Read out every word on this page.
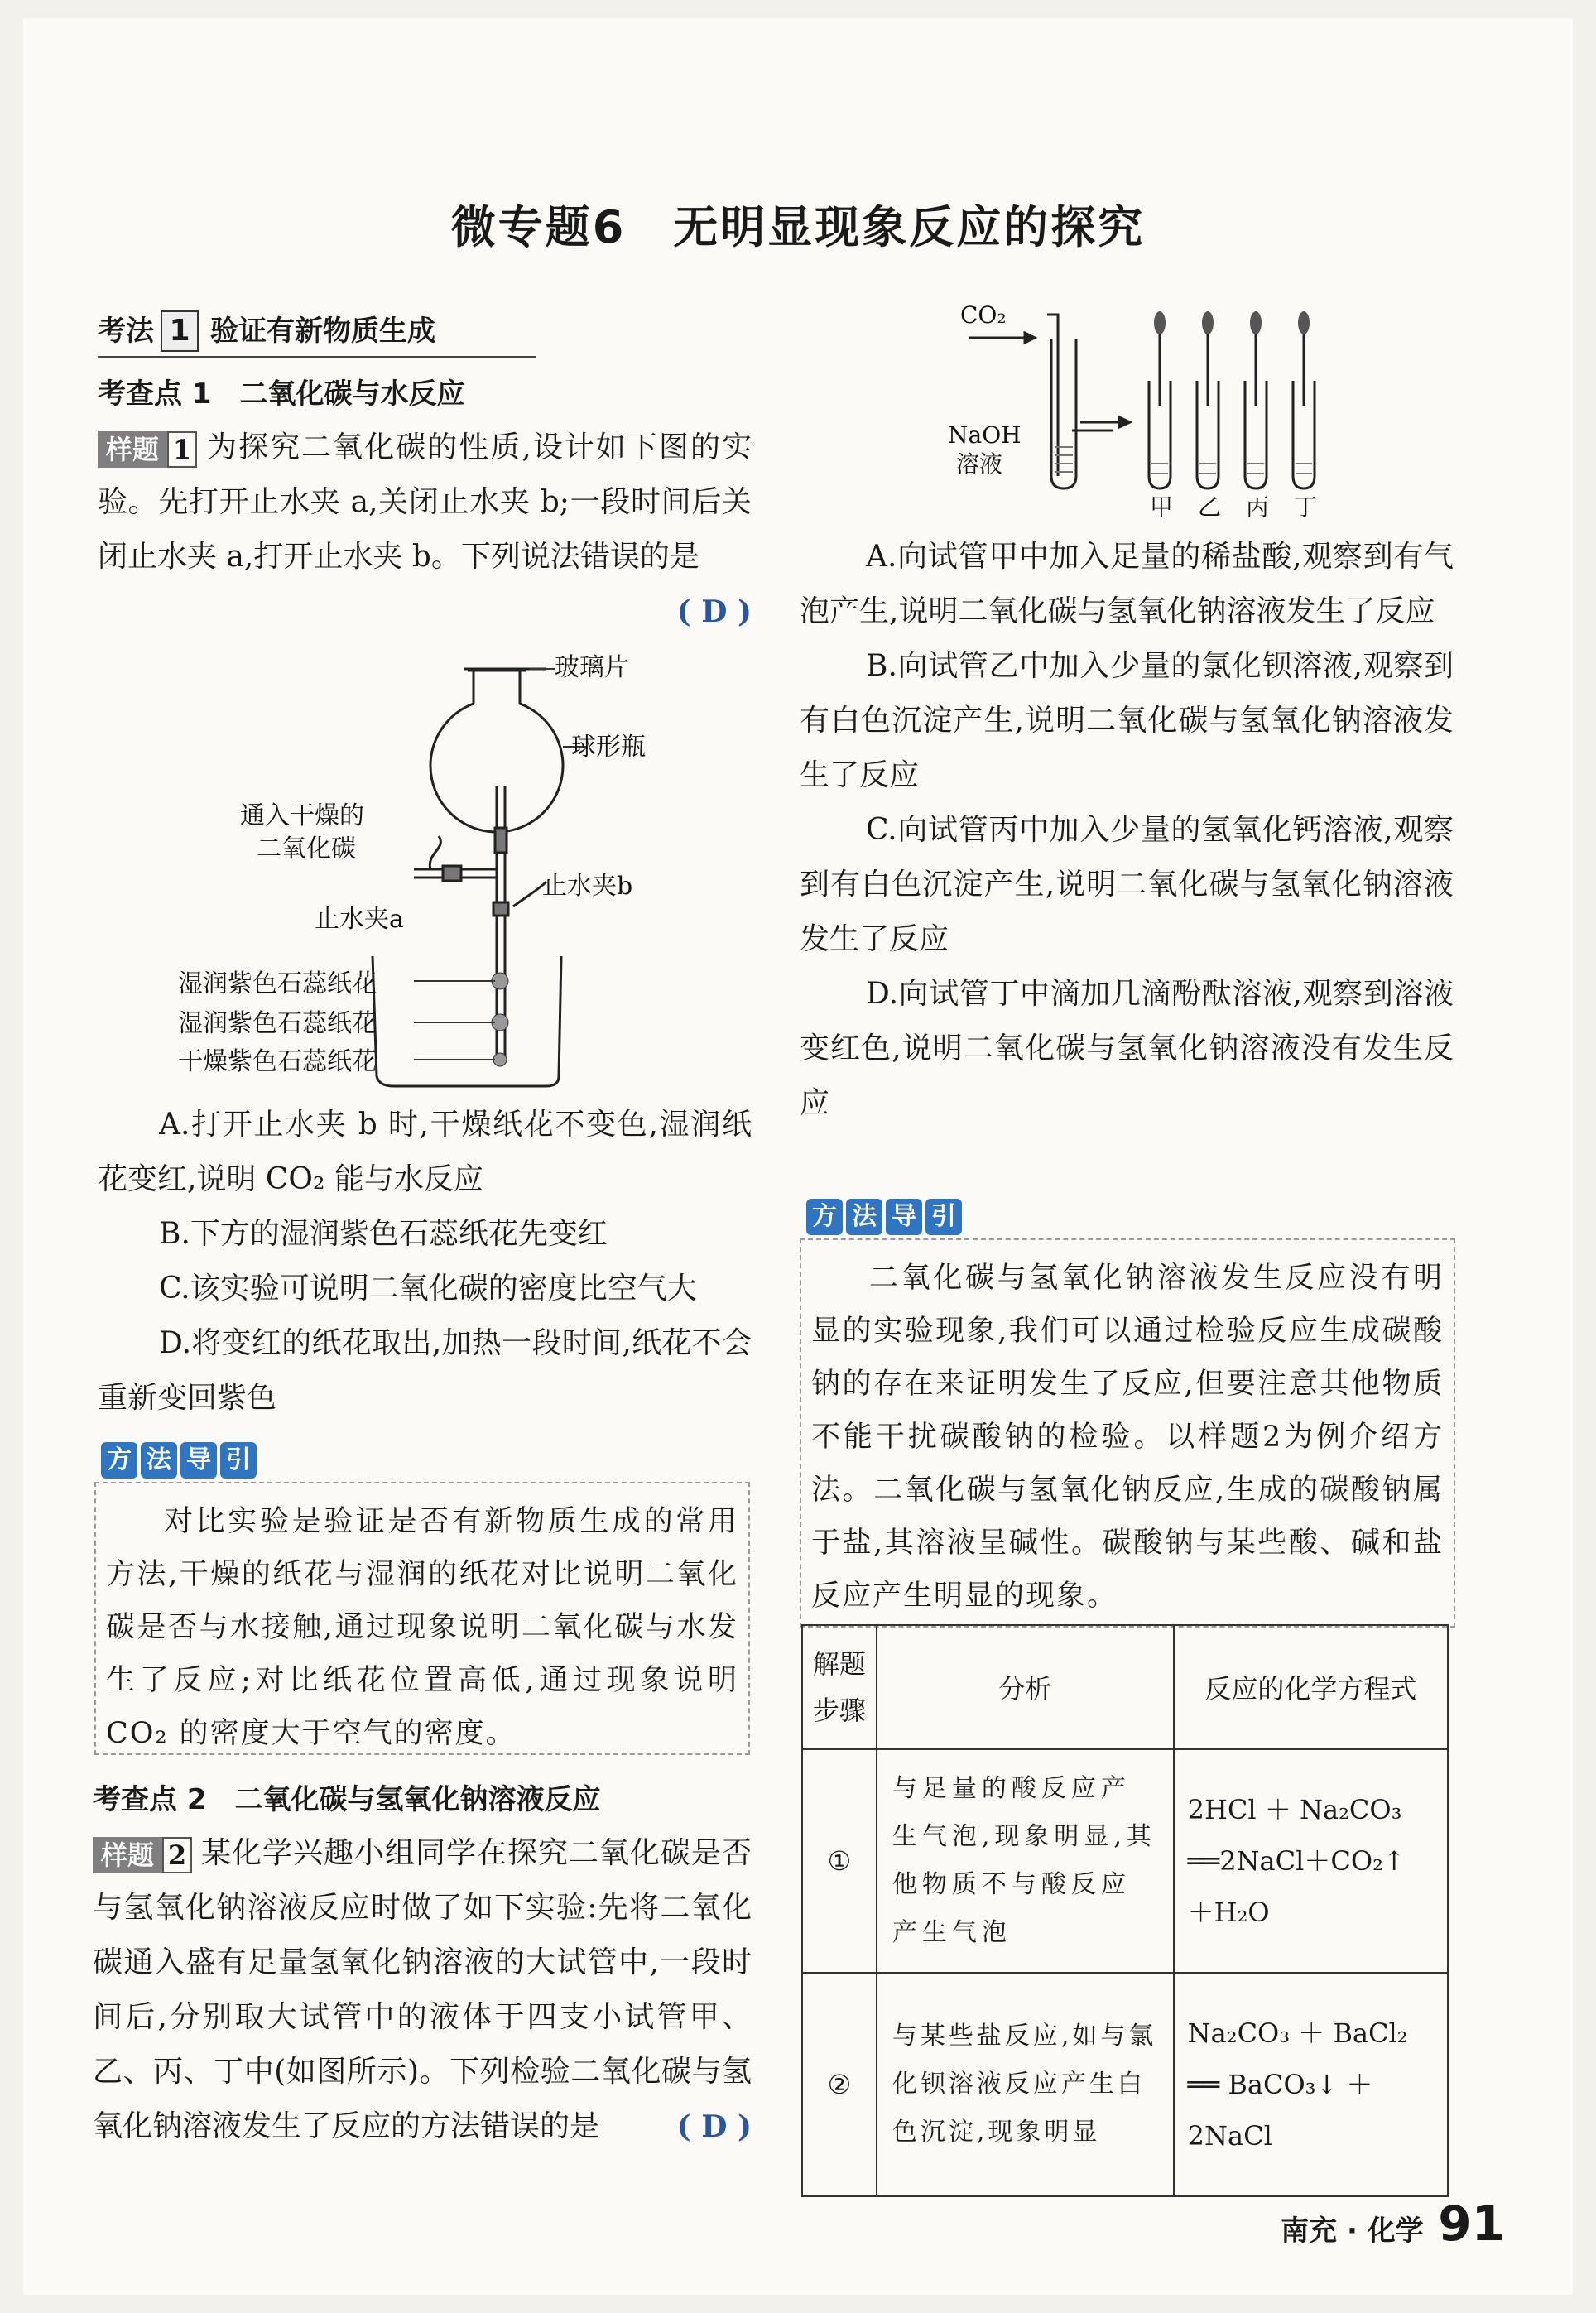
微专题6　无明显现象反应的探究
考法 1 验证有新物质生成
考查点 1　二氧化碳与水反应

样题 1 为探究二氧化碳的性质,设计如下图的实验。先打开止水夹 a,关闭止水夹 b;一段时间后关闭止水夹 a,打开止水夹 b。下列说法错误的是
( D )

玻璃片
球形瓶
通入干燥的
二氧化碳
止水夹b
止水夹a
湿润紫色石蕊纸花
湿润紫色石蕊纸花
干燥紫色石蕊纸花

A.打开止水夹 b 时,干燥纸花不变色,湿润纸花变红,说明 CO₂ 能与水反应

B.下方的湿润紫色石蕊纸花先变红

C.该实验可说明二氧化碳的密度比空气大

D.将变红的纸花取出,加热一段时间,纸花不会重新变回紫色

方 法 导 引

对比实验是验证是否有新物质生成的常用方法,干燥的纸花与湿润的纸花对比说明二氧化碳是否与水接触,通过现象说明二氧化碳与水发生了反应;对比纸花位置高低,通过现象说明 CO₂ 的密度大于空气的密度。

考查点 2　二氧化碳与氢氧化钠溶液反应

样题 2 某化学兴趣小组同学在探究二氧化碳是否与氢氧化钠溶液反应时做了如下实验:先将二氧化碳通入盛有足量氢氧化钠溶液的大试管中,一段时间后,分别取大试管中的液体于四支小试管甲、乙、丙、丁中(如图所示)。下列检验二氧化碳与氢氧化钠溶液发生了反应的方法错误的是	( D )

CO₂
NaOH
溶液
甲 乙 丙 丁

A.向试管甲中加入足量的稀盐酸,观察到有气泡产生,说明二氧化碳与氢氧化钠溶液发生了反应

B.向试管乙中加入少量的氯化钡溶液,观察到有白色沉淀产生,说明二氧化碳与氢氧化钠溶液发生了反应

C.向试管丙中加入少量的氢氧化钙溶液,观察到有白色沉淀产生,说明二氧化碳与氢氧化钠溶液发生了反应

D.向试管丁中滴加几滴酚酞溶液,观察到溶液变红色,说明二氧化碳与氢氧化钠溶液没有发生反应

方 法 导 引

二氧化碳与氢氧化钠溶液发生反应没有明显的实验现象,我们可以通过检验反应生成碳酸钠的存在来证明发生了反应,但要注意其他物质不能干扰碳酸钠的检验。以样题2为例介绍方法。二氧化碳与氢氧化钠反应,生成的碳酸钠属于盐,其溶液呈碱性。碳酸钠与某些酸、碱和盐反应产生明显的现象。

解题步骤	分析	反应的化学方程式
①	与足量的酸反应产生气泡,现象明显,其他物质不与酸反应产生气泡	2HCl ＋ Na₂CO₃
══2NaCl＋CO₂↑
＋H₂O

②	与某些盐反应,如与氯化钡溶液反应产生白色沉淀,现象明显	Na₂CO₃ ＋ BaCl₂
══ BaCO₃↓ ＋
2NaCl
南充 · 化学 91
